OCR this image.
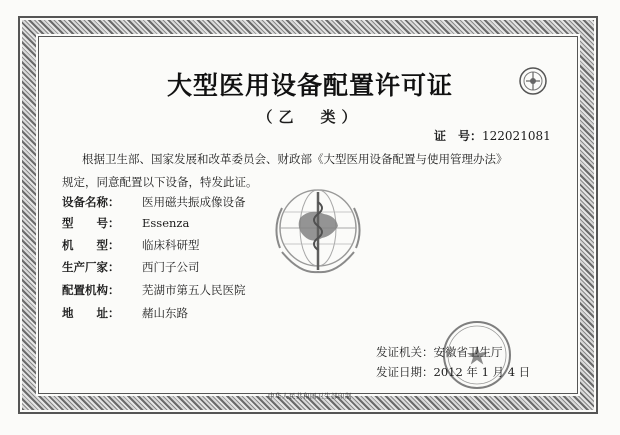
大型医用设备配置许可证
（乙　类）
证　号：122021081
根据卫生部、国家发展和改革委员会、财政部《大型医用设备配置与使用管理办法》
规定，同意配置以下设备，特发此证。
设备名称： 医用磁共振成像设备
型　　号： Essenza
机　　型： 临床科研型
生产厂家： 西门子公司
配置机构： 芜湖市第五人民医院
地　　址： 赭山东路
发证机关：安徽省卫生厅
发证日期：2012 年 1 月 4 日
中华人民共和国卫生部印制
